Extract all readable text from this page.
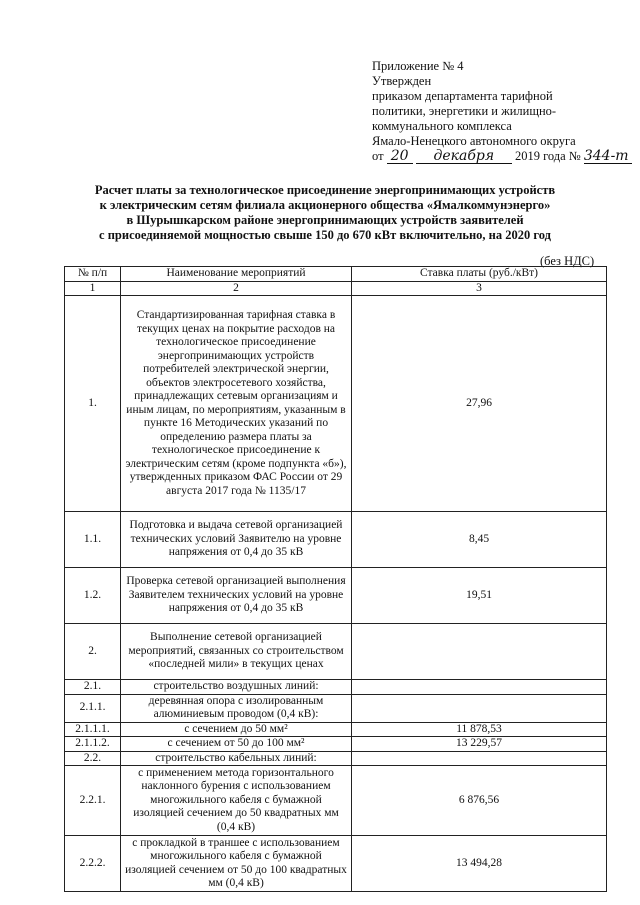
Приложение № 4
Утвержден
приказом департамента тарифной
политики, энергетики и жилищно-
коммунального комплекса
Ямало-Ненецкого автономного округа
от 20 декабря 2019 года № 344-т
Расчет платы за технологическое присоединение энергопринимающих устройств
к электрическим сетям филиала акционерного общества «Ямалкоммунэнерго»
в Шурышкарском районе энергопринимающих устройств заявителей
с присоединяемой мощностью свыше 150 до 670 кВт включительно, на 2020 год
(без НДС)
№ п/п	Наименование мероприятий	Ставка платы (руб./кВт)
1	2	3
1.	Стандартизированная тарифная ставка в текущих ценах на покрытие расходов на технологическое присоединение энергопринимающих устройств потребителей электрической энергии, объектов электросетевого хозяйства, принадлежащих сетевым организациям и иным лицам, по мероприятиям, указанным в пункте 16 Методических указаний по определению размера платы за технологическое присоединение к электрическим сетям (кроме подпункта «б»), утвержденных приказом ФАС России от 29 августа 2017 года № 1135/17	27,96
1.1.	Подготовка и выдача сетевой организацией технических условий Заявителю на уровне напряжения от 0,4 до 35 кВ	8,45
1.2.	Проверка сетевой организацией выполнения Заявителем технических условий на уровне напряжения от 0,4 до 35 кВ	19,51
2.	Выполнение сетевой организацией мероприятий, связанных со строительством «последней мили» в текущих ценах	
2.1.	строительство воздушных линий:	
2.1.1.	деревянная опора с изолированным алюминиевым проводом (0,4 кВ):	
2.1.1.1.	с сечением до 50 мм²	11 878,53
2.1.1.2.	с сечением от 50 до 100 мм²	13 229,57
2.2.	строительство кабельных линий:	
2.2.1.	с применением метода горизонтального наклонного бурения с использованием многожильного кабеля с бумажной изоляцией сечением до 50 квадратных мм (0,4 кВ)	6 876,56
2.2.2.	с прокладкой в траншее с использованием многожильного кабеля с бумажной изоляцией сечением от 50 до 100 квадратных мм (0,4 кВ)	13 494,28
